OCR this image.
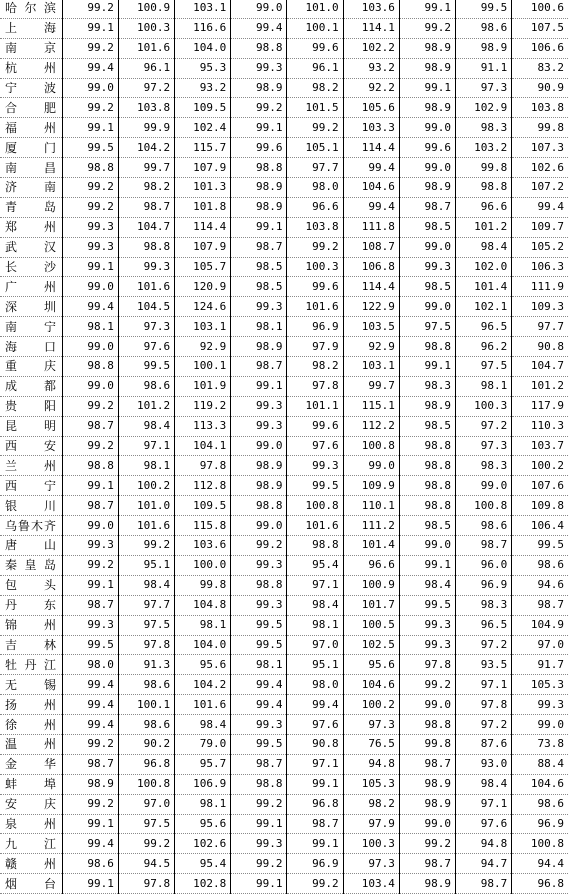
哈 尔 滨	99.2	100.9	103.1	99.0	101.0	103.6	99.1	99.5	100.6

上 海	99.1	100.3	116.6	99.4	100.1	114.1	99.2	98.6	107.5

南 京	99.2	101.6	104.0	98.8	99.6	102.2	98.9	98.9	106.6

杭 州	99.4	96.1	95.3	99.3	96.1	93.2	98.9	91.1	83.2

宁 波	99.0	97.2	93.2	98.9	98.2	92.2	99.1	97.3	90.9

合 肥	99.2	103.8	109.5	99.2	101.5	105.6	98.9	102.9	103.8

福 州	99.1	99.9	102.4	99.1	99.2	103.3	99.0	98.3	99.8

厦 门	99.5	104.2	115.7	99.6	105.1	114.4	99.6	103.2	107.3

南 昌	98.8	99.7	107.9	98.8	97.7	99.4	99.0	99.8	102.6

济 南	99.2	98.2	101.3	98.9	98.0	104.6	98.9	98.8	107.2

青 岛	99.2	98.7	101.8	98.9	96.6	99.4	98.7	96.6	99.4

郑 州	99.3	104.7	114.4	99.1	103.8	111.8	98.5	101.2	109.7

武 汉	99.3	98.8	107.9	98.7	99.2	108.7	99.0	98.4	105.2

长 沙	99.1	99.3	105.7	98.5	100.3	106.8	99.3	102.0	106.3

广 州	99.0	101.6	120.9	98.5	99.6	114.4	98.5	101.4	111.9

深 圳	99.4	104.5	124.6	99.3	101.6	122.9	99.0	102.1	109.3

南 宁	98.1	97.3	103.1	98.1	96.9	103.5	97.5	96.5	97.7

海 口	99.0	97.6	92.9	98.9	97.9	92.9	98.8	96.2	90.8

重 庆	98.8	99.5	100.1	98.7	98.2	103.1	99.1	97.5	104.7

成 都	99.0	98.6	101.9	99.1	97.8	99.7	98.3	98.1	101.2

贵 阳	99.2	101.2	119.2	99.3	101.1	115.1	98.9	100.3	117.9

昆 明	98.7	98.4	113.3	99.3	99.6	112.2	98.5	97.2	110.3

西 安	99.2	97.1	104.1	99.0	97.6	100.8	98.8	97.3	103.7

兰 州	98.8	98.1	97.8	98.9	99.3	99.0	98.8	98.3	100.2

西 宁	99.1	100.2	112.8	98.9	99.5	109.9	98.8	99.0	107.6

银 川	98.7	101.0	109.5	98.8	100.8	110.1	98.8	100.8	109.8

乌 鲁 木 齐	99.0	101.6	115.8	99.0	101.6	111.2	98.5	98.6	106.4

唐 山	99.3	99.2	103.6	99.2	98.8	101.4	99.0	98.7	99.5

秦 皇 岛	99.2	95.1	100.0	99.3	95.4	96.6	99.1	96.0	98.6

包 头	99.1	98.4	99.8	98.8	97.1	100.9	98.4	96.9	94.6

丹 东	98.7	97.7	104.8	99.3	98.4	101.7	99.5	98.3	98.7

锦 州	99.3	97.5	98.1	99.5	98.1	100.5	99.3	96.5	104.9

吉 林	99.5	97.8	104.0	99.5	97.0	102.5	99.3	97.2	97.0

牡 丹 江	98.0	91.3	95.6	98.1	95.1	95.6	97.8	93.5	91.7

无 锡	99.4	98.6	104.2	99.4	98.0	104.6	99.2	97.1	105.3

扬 州	99.4	100.1	101.6	99.4	99.4	100.2	99.0	97.8	99.3

徐 州	99.4	98.6	98.4	99.3	97.6	97.3	98.8	97.2	99.0

温 州	99.2	90.2	79.0	99.5	90.8	76.5	99.8	87.6	73.8

金 华	98.7	96.8	95.7	98.7	97.1	94.8	98.7	93.0	88.4

蚌 埠	98.9	100.8	106.9	98.8	99.1	105.3	98.9	98.4	104.6

安 庆	99.2	97.0	98.1	99.2	96.8	98.2	98.9	97.1	98.6

泉 州	99.1	97.5	95.6	99.1	98.7	97.9	99.0	97.6	96.9

九 江	99.4	99.2	102.6	99.3	99.1	100.3	99.2	94.8	100.8

赣 州	98.6	94.5	95.4	99.2	96.9	97.3	98.7	94.7	94.4

烟 台	99.1	97.8	102.8	99.1	99.2	103.4	98.9	98.7	96.8
